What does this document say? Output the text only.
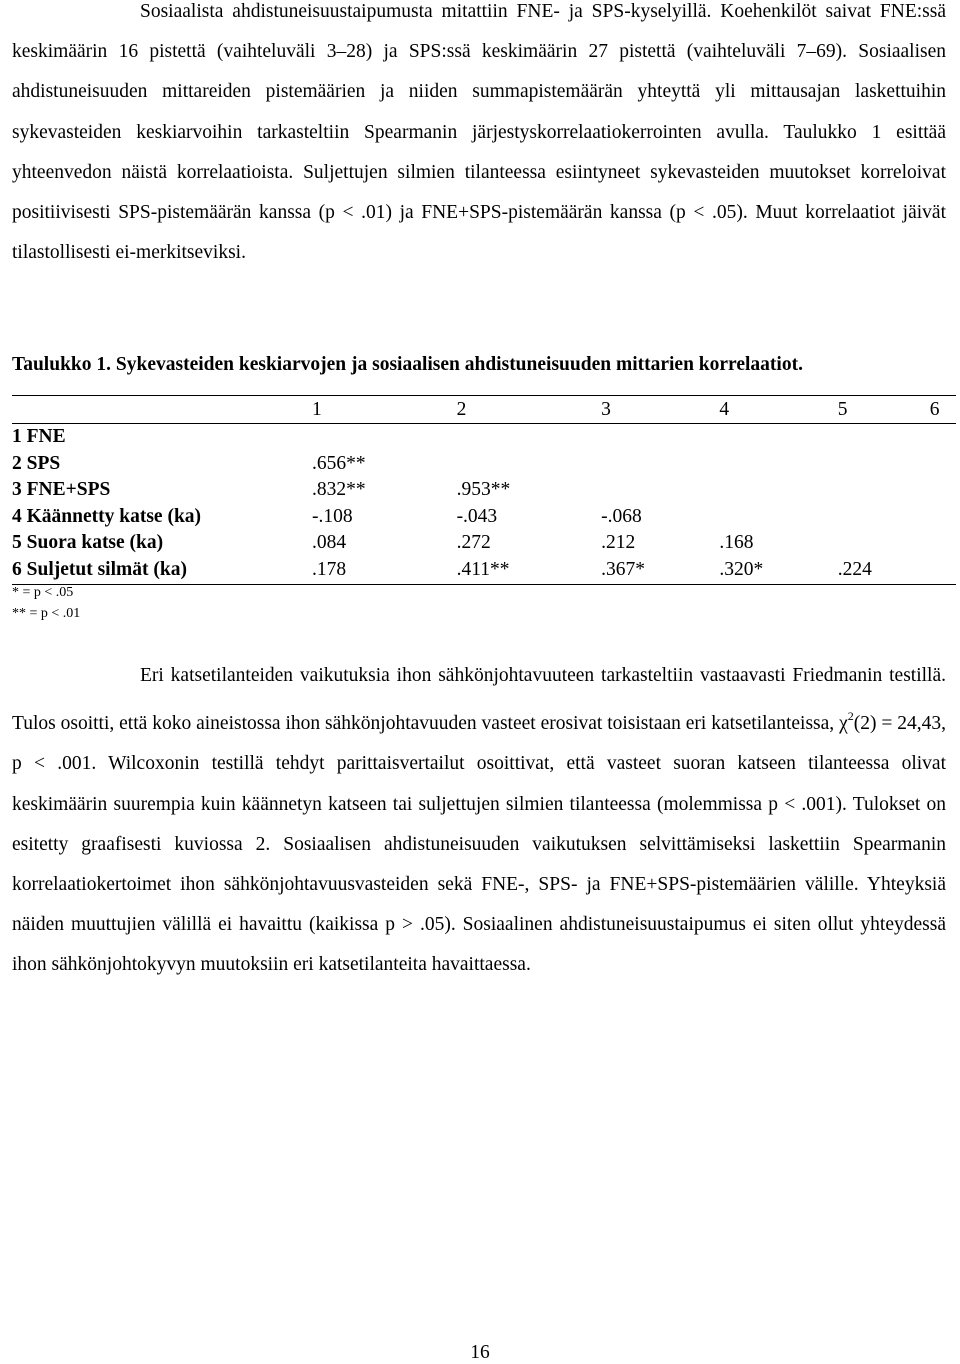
Sosiaalista ahdistuneisuustaipumusta mitattiin FNE- ja SPS-kyselyillä. Koehenkilöt saivat FNE:ssä keskimäärin 16 pistettä (vaihteluväli 3–28) ja SPS:ssä keskimäärin 27 pistettä (vaihteluväli 7–69). Sosiaalisen ahdistuneisuuden mittareiden pistemäärien ja niiden summapistemäärän yhteyttä yli mittausajan laskettuihin sykevasteiden keskiarvoihin tarkasteltiin Spearmanin järjestyskorrelaatiokerrointen avulla. Taulukko 1 esittää yhteenvedon näistä korrelaatioista. Suljettujen silmien tilanteessa esiintyneet sykevasteiden muutokset korreloivat positiivisesti SPS-pistemäärän kanssa (p < .01) ja FNE+SPS-pistemäärän kanssa (p < .05). Muut korrelaatiot jäivät tilastollisesti ei-merkitseviksi.

Taulukko 1. Sykevasteiden keskiarvojen ja sosiaalisen ahdistuneisuuden mittarien korrelaatiot.

	1	2	3	4	5	6
1 FNE						
2 SPS	.656**					
3 FNE+SPS	.832**	.953**				
4 Käännetty katse (ka)	-.108	-.043	-.068			
5 Suora katse (ka)	.084	.272	.212	.168		
6 Suljetut silmät (ka)	.178	.411**	.367*	.320*	.224	

* = p < .05

** = p < .01

Eri katsetilanteiden vaikutuksia ihon sähkönjohtavuuteen tarkasteltiin vastaavasti Friedmanin testillä. Tulos osoitti, että koko aineistossa ihon sähkönjohtavuuden vasteet erosivat toisistaan eri katsetilanteissa, $\chi^2(2) = 24,43$, p < .001. Wilcoxonin testillä tehdyt parittaisvertailut osoittivat, että vasteet suoran katseen tilanteessa olivat keskimäärin suurempia kuin käännetyn katseen tai suljettujen silmien tilanteessa (molemmissa p < .001). Tulokset on esitetty graafisesti kuviossa 2. Sosiaalisen ahdistuneisuuden vaikutuksen selvittämiseksi laskettiin Spearmanin korrelaatiokertoimet ihon sähkönjohtavuusvasteiden sekä FNE-, SPS- ja FNE+SPS-pistemäärien välille. Yhteyksiä näiden muuttujien välillä ei havaittu (kaikissa p > .05). Sosiaalinen ahdistuneisuustaipumus ei siten ollut yhteydessä ihon sähkönjohtokyvyn muutoksiin eri katsetilanteita havaittaessa.

16
